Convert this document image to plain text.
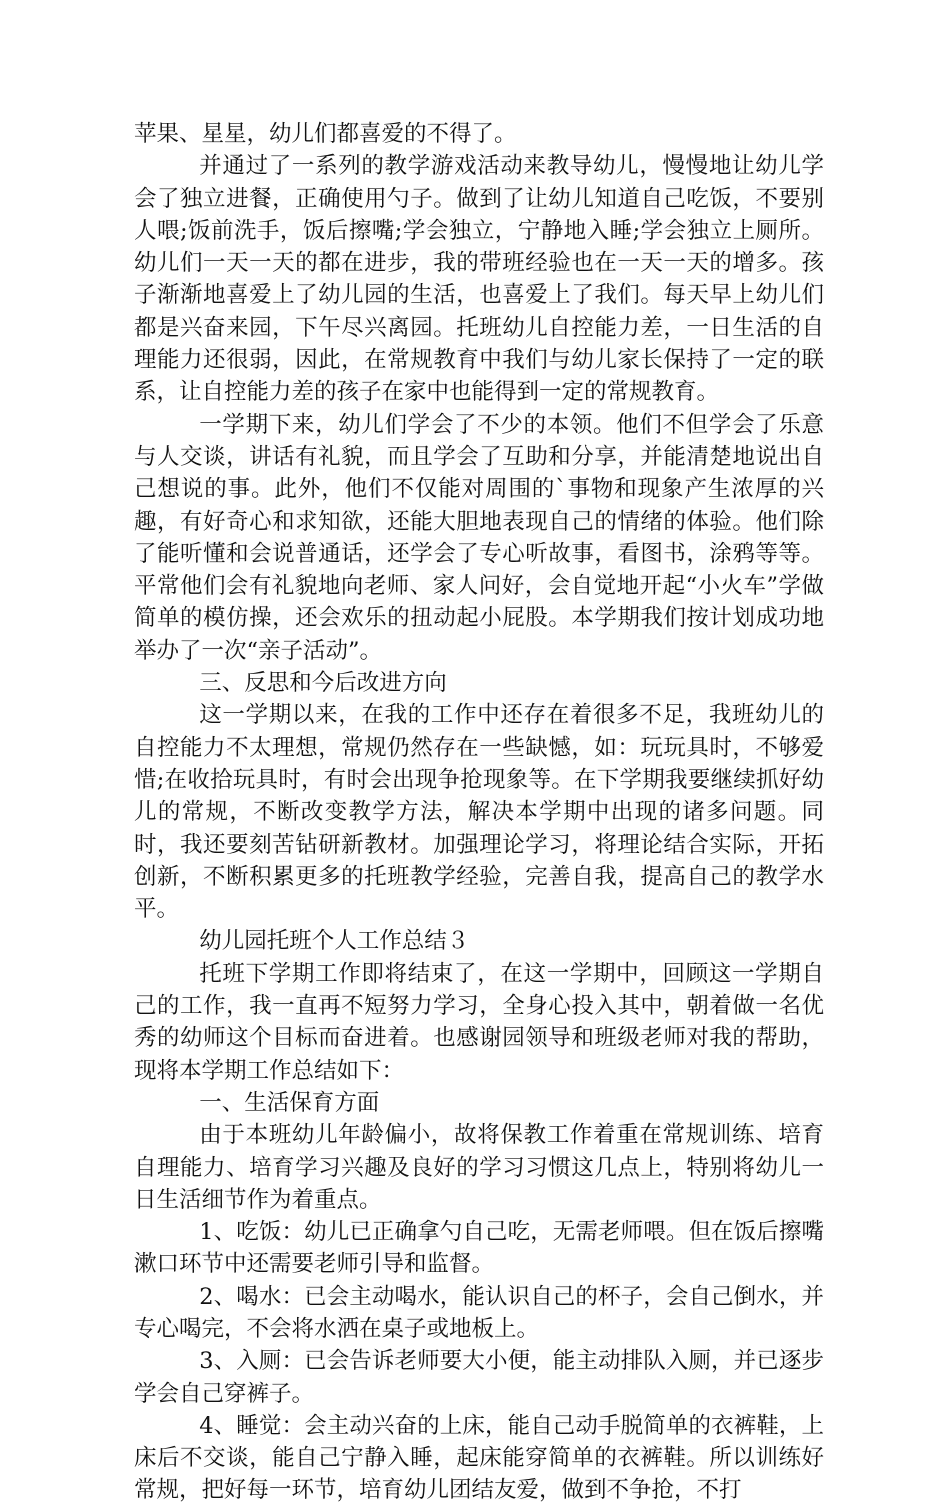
苹果、星星，幼儿们都喜爱的不得了。

并通过了一系列的教学游戏活动来教导幼儿，慢慢地让幼儿学会了独立进餐，正确使用勺子。做到了让幼儿知道自己吃饭，不要别人喂;饭前洗手，饭后擦嘴;学会独立，宁静地入睡;学会独立上厕所。幼儿们一天一天的都在进步，我的带班经验也在一天一天的增多。孩子渐渐地喜爱上了幼儿园的生活，也喜爱上了我们。每天早上幼儿们都是兴奋来园，下午尽兴离园。托班幼儿自控能力差，一日生活的自理能力还很弱，因此，在常规教育中我们与幼儿家长保持了一定的联系，让自控能力差的孩子在家中也能得到一定的常规教育。

一学期下来，幼儿们学会了不少的本领。他们不但学会了乐意与人交谈，讲话有礼貌，而且学会了互助和分享，并能清楚地说出自己想说的事。此外，他们不仅能对周围的`事物和现象产生浓厚的兴趣，有好奇心和求知欲，还能大胆地表现自己的情绪的体验。他们除了能听懂和会说普通话，还学会了专心听故事，看图书，涂鸦等等。平常他们会有礼貌地向老师、家人问好，会自觉地开起“小火车”学做简单的模仿操，还会欢乐的扭动起小屁股。本学期我们按计划成功地举办了一次“亲子活动”。

三、反思和今后改进方向

这一学期以来，在我的工作中还存在着很多不足，我班幼儿的自控能力不太理想，常规仍然存在一些缺憾，如：玩玩具时，不够爱惜;在收拾玩具时，有时会出现争抢现象等。在下学期我要继续抓好幼儿的常规，不断改变教学方法，解决本学期中出现的诸多问题。同时，我还要刻苦钻研新教材。加强理论学习，将理论结合实际，开拓创新，不断积累更多的托班教学经验，完善自我，提高自己的教学水平。

幼儿园托班个人工作总结３

托班下学期工作即将结束了，在这一学期中，回顾这一学期自己的工作，我一直再不短努力学习，全身心投入其中，朝着做一名优秀的幼师这个目标而奋进着。也感谢园领导和班级老师对我的帮助，现将本学期工作总结如下：

一、生活保育方面

由于本班幼儿年龄偏小，故将保教工作着重在常规训练、培育自理能力、培育学习兴趣及良好的学习习惯这几点上，特别将幼儿一日生活细节作为着重点。

1、吃饭：幼儿已正确拿勺自己吃，无需老师喂。但在饭后擦嘴漱口环节中还需要老师引导和监督。

2、喝水：已会主动喝水，能认识自己的杯子，会自己倒水，并专心喝完，不会将水洒在桌子或地板上。

3、入厕：已会告诉老师要大小便，能主动排队入厕，并已逐步学会自己穿裤子。

4、睡觉：会主动兴奋的上床，能自己动手脱简单的衣裤鞋，上床后不交谈，能自己宁静入睡，起床能穿简单的衣裤鞋。所以训练好常规，把好每一环节，培育幼儿团结友爱，做到不争抢，不打
